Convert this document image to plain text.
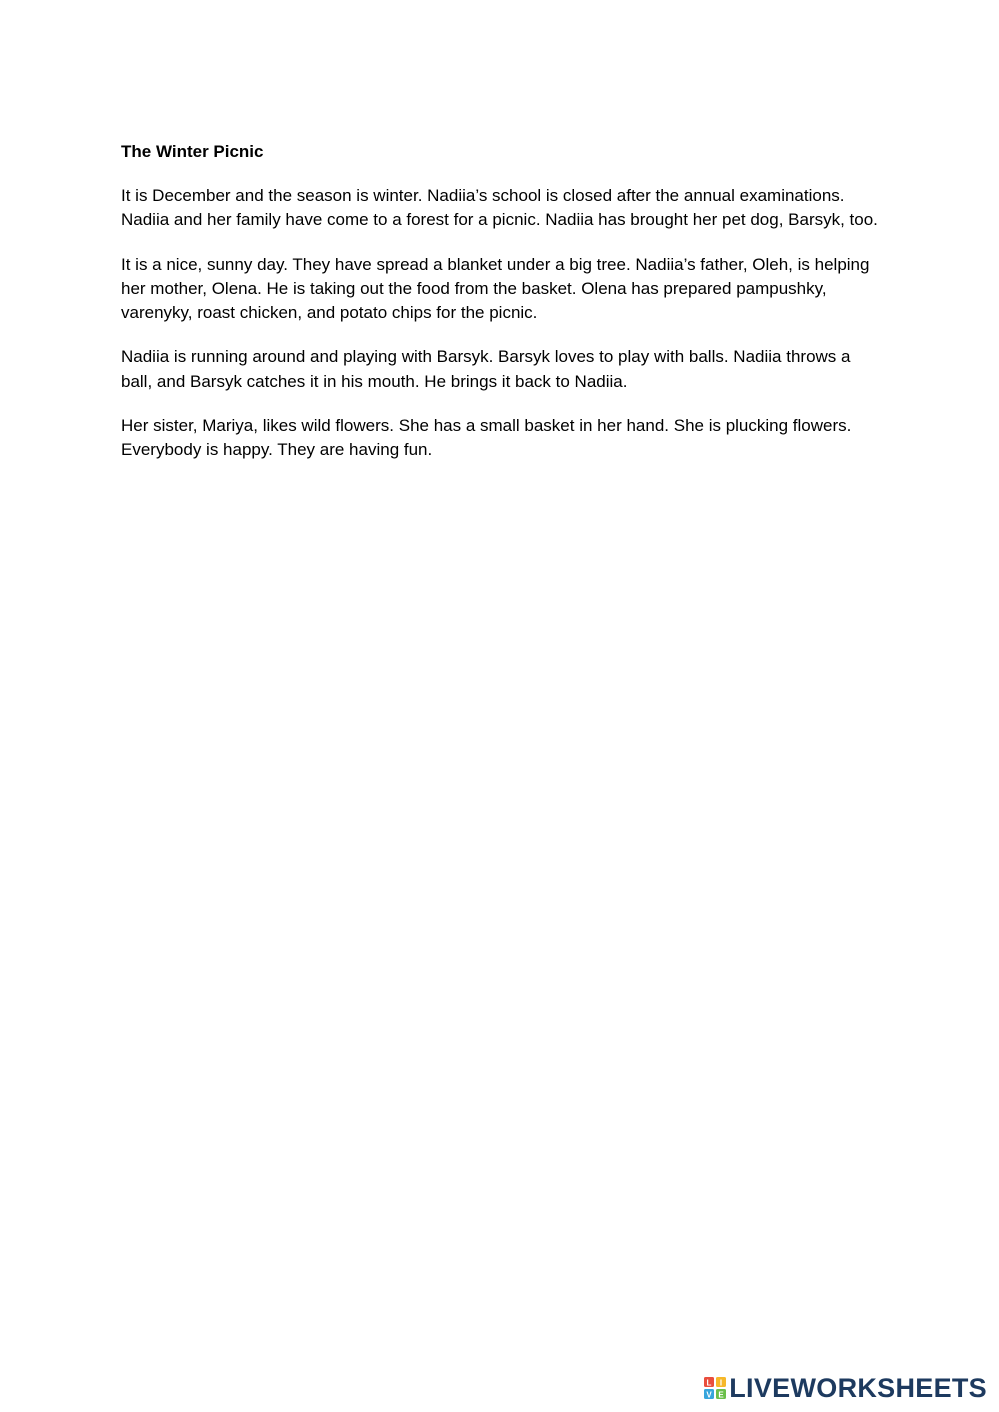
The Winter Picnic

It is December and the season is winter. Nadiia’s school is closed after the annual examinations. Nadiia and her family have come to a forest for a picnic. Nadiia has brought her pet dog, Barsyk, too.

It is a nice, sunny day. They have spread a blanket under a big tree. Nadiia’s father, Oleh, is helping her mother, Olena. He is taking out the food from the basket. Olena has prepared pampushky, varenyky, roast chicken, and potato chips for the picnic.

Nadiia is running around and playing with Barsyk. Barsyk loves to play with balls. Nadiia throws a ball, and Barsyk catches it in his mouth. He brings it back to Nadiia.

Her sister, Mariya, likes wild flowers. She has a small basket in her hand. She is plucking flowers. Everybody is happy. They are having fun.

L I
V E LIVEWORKSHEETS
